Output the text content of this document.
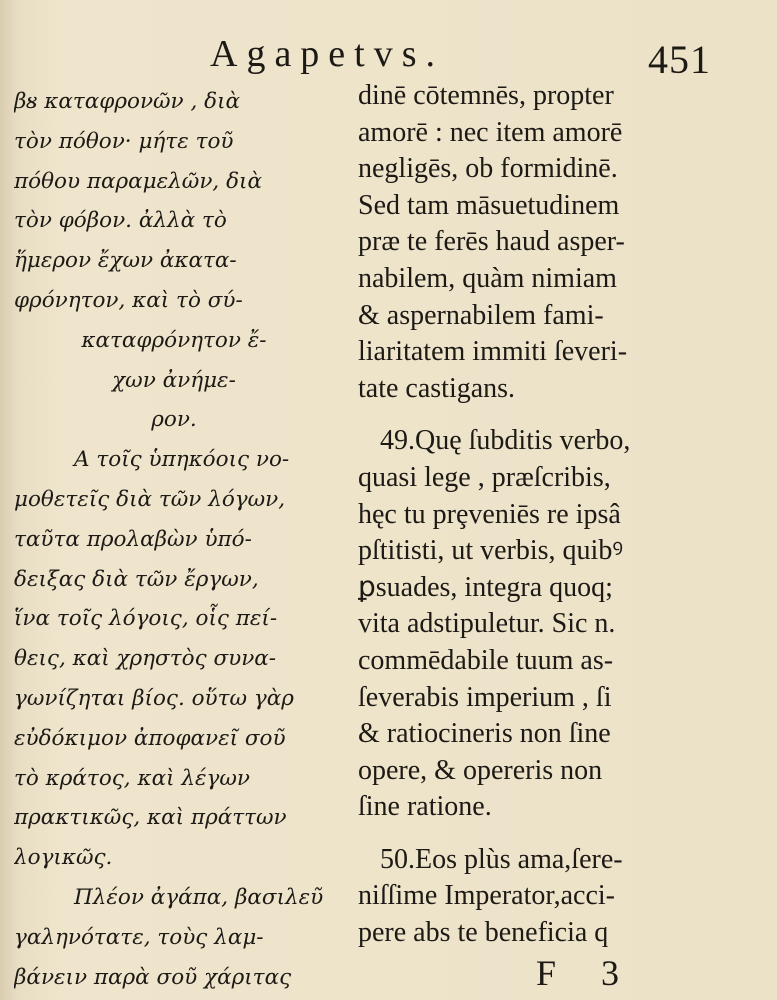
Agapetvs.	451
βᴕ καταφρονῶν , διὰ
τὸν πόθον· μήτε τοῦ
πόθου παραμελῶν, διὰ
τὸν φόβον. ἀλλὰ τὸ
ἥμερον ἔχων ἀκατα-
φρόνητον, καὶ τὸ σύ-
καταφρόνητον ἔ-
χων ἀνήμε-
ρον.
Α τοῖς ὑπηκόοις νο-
μοθετεῖς διὰ τῶν λόγων,
ταῦτα προλαβὼν ὑπό-
δειξας διὰ τῶν ἔργων,
ἵνα τοῖς λόγοις, οἷς πεί-
θεις, καὶ χρηστὸς συνα-
γωνίζηται βίος. οὕτω γὰρ
εὐδόκιμον ἀποφανεῖ σοῦ
τὸ κράτος, καὶ λέγων
πρακτικῶς, καὶ πράττων
λογικῶς.
Πλέον ἀγάπα, βασιλεῦ
γαληνότατε, τοὺς λαμ-
βάνειν παρὰ σοῦ χάριτας
dinē cōtemnēs, propter
amorē : nec item amorē
negligēs, ob formidinē.
Sed tam māsuetudinem
præ te ferēs haud asper-
nabilem, quàm nimiam
& aspernabilem fami-
liaritatem immiti ſeveri-
tate castigans.
49.Quę ſubditis verbo,
quasi lege , præſcribis,
hęc tu prȩveniēs re ipsâ
pſtitisti, ut verbis, quibꝰ
ꝑsuades, integra quoq;
vita adstipuletur. Sic n.
commēdabile tuum as-
ſeverabis imperium , ſi
& ratiocineris non ſine
opere, & opereris non
ſine ratione.
50.Eos plùs ama,ſere-
niſſime Imperator,acci-
pere abs te beneficia q
F 3
